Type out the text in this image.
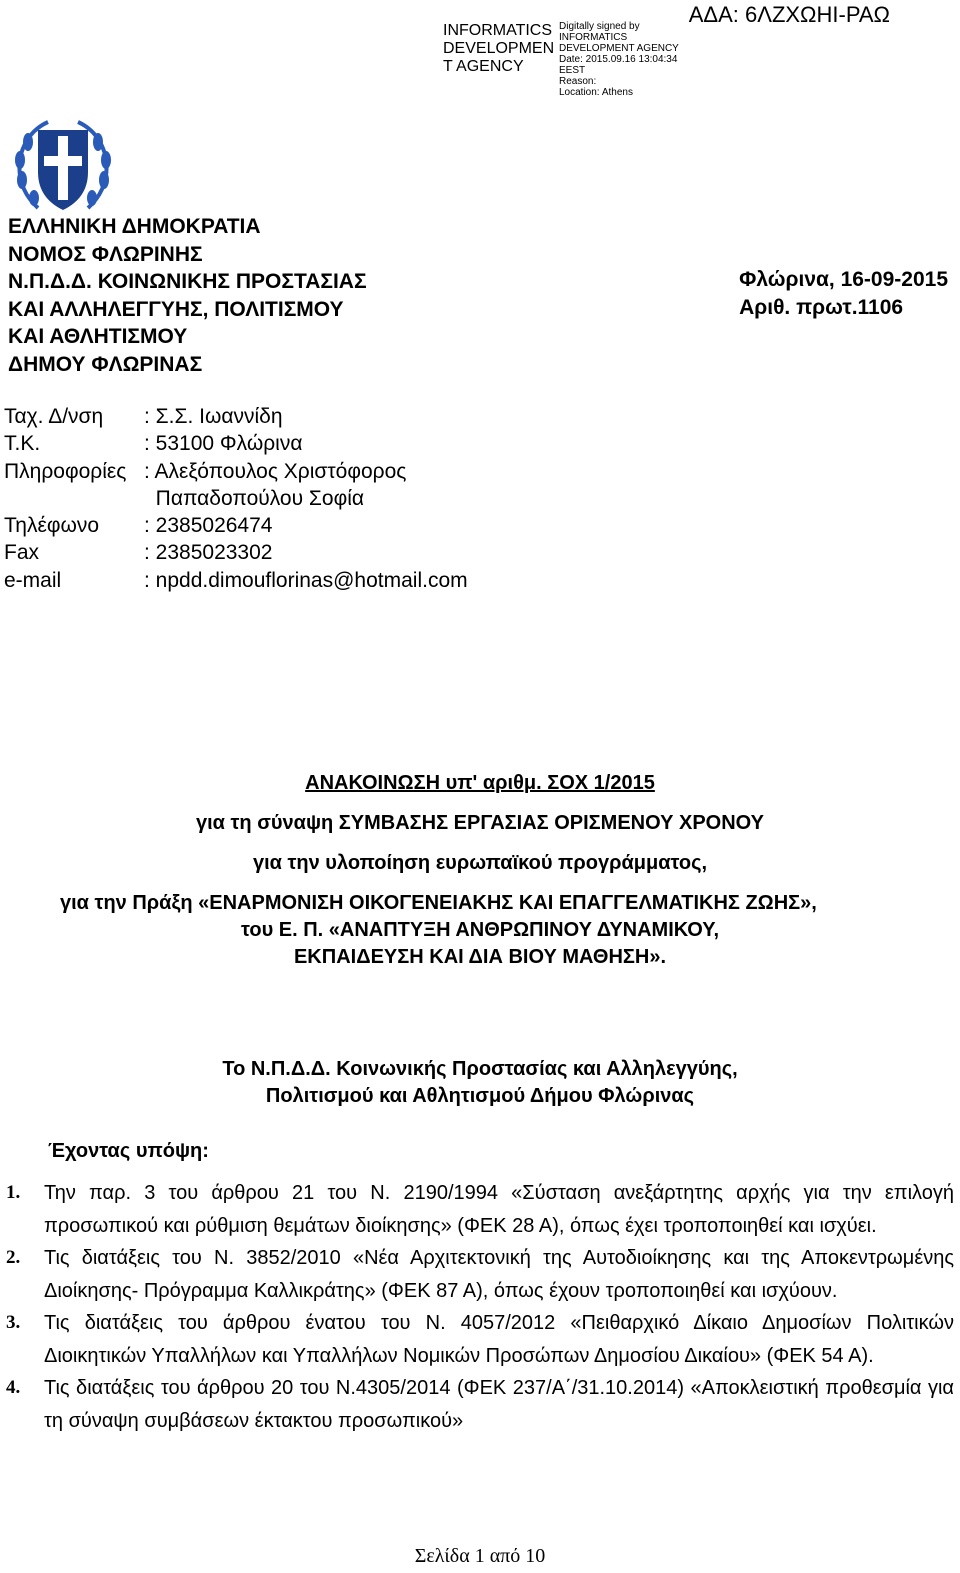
ΑΔΑ: 6ΛΖΧΩΗΙ-ΡΑΩ
INFORMATICS
DEVELOPMEN
T AGENCY
Digitally signed by
INFORMATICS
DEVELOPMENT AGENCY
Date: 2015.09.16 13:04:34
EEST
Reason:
Location: Athens
ΕΛΛΗΝΙΚΗ ΔΗΜΟΚΡΑΤΙΑ
ΝΟΜΟΣ ΦΛΩΡΙΝΗΣ
Ν.Π.Δ.Δ. ΚΟΙΝΩΝΙΚΗΣ ΠΡΟΣΤΑΣΙΑΣ
ΚΑΙ ΑΛΛΗΛΕΓΓΥΗΣ, ΠΟΛΙΤΙΣΜΟΥ
ΚΑΙ ΑΘΛΗΤΙΣΜΟΥ
ΔΗΜΟΥ ΦΛΩΡΙΝΑΣ
Φλώρινα, 16-09-2015
Αριθ. πρωτ.1106
Ταχ. Δ/νση	: Σ.Σ. Ιωαννίδη
Τ.Κ.	: 53100 Φλώρινα
Πληροφορίες : Αλεξόπουλος Χριστόφορος
Παπαδοπούλου Σοφία
Τηλέφωνο	: 2385026474
Fax	: 2385023302
e-mail	: npdd.dimouflorinas@hotmail.com
ΑΝΑΚΟΙΝΩΣΗ υπ' αριθμ. ΣΟΧ 1/2015
για τη σύναψη ΣΥΜΒΑΣΗΣ ΕΡΓΑΣΙΑΣ ΟΡΙΣΜΕΝΟΥ ΧΡΟΝΟΥ
για την υλοποίηση ευρωπαϊκού προγράμματος,
για την Πράξη «ΕΝΑΡΜΟΝΙΣΗ ΟΙΚΟΓΕΝΕΙΑΚΗΣ ΚΑΙ ΕΠΑΓΓΕΛΜΑΤΙΚΗΣ ΖΩΗΣ»,
του Ε. Π. «ΑΝΑΠΤΥΞΗ ΑΝΘΡΩΠΙΝΟΥ ΔΥΝΑΜΙΚΟΥ,
ΕΚΠΑΙΔΕΥΣΗ ΚΑΙ ΔΙΑ ΒΙΟΥ ΜΑΘΗΣΗ».
Το Ν.Π.Δ.Δ. Κοινωνικής Προστασίας και Αλληλεγγύης,
Πολιτισμού και Αθλητισμού Δήμου Φλώρινας
Έχοντας υπόψη:
1.	Την παρ. 3 του άρθρου 21 του Ν. 2190/1994 «Σύσταση ανεξάρτητης αρχής για την επιλογή προσωπικού και ρύθμιση θεμάτων διοίκησης» (ΦΕΚ 28 Α), όπως έχει τροποποιηθεί και ισχύει.
2.	Τις διατάξεις του Ν. 3852/2010 «Νέα Αρχιτεκτονική της Αυτοδιοίκησης και της Αποκεντρωμένης Διοίκησης- Πρόγραμμα Καλλικράτης» (ΦΕΚ 87 Α), όπως έχουν τροποποιηθεί και ισχύουν.
3.	Τις διατάξεις του άρθρου ένατου του Ν. 4057/2012 «Πειθαρχικό Δίκαιο Δημοσίων Πολιτικών Διοικητικών Υπαλλήλων και Υπαλλήλων Νομικών Προσώπων Δημοσίου Δικαίου» (ΦΕΚ 54 Α).
4.	Τις διατάξεις του άρθρου 20 του Ν.4305/2014 (ΦΕΚ 237/Α΄/31.10.2014) «Αποκλειστική προθεσμία για τη σύναψη συμβάσεων έκτακτου προσωπικού»
Σελίδα 1 από 10
